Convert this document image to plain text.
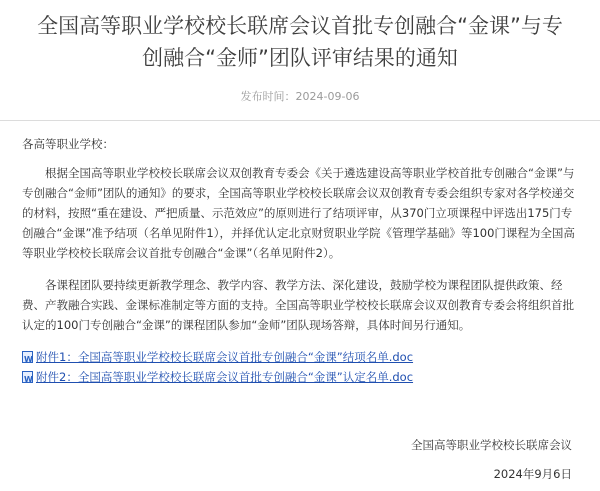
全国高等职业学校校长联席会议首批专创融合“金课”与专创融合“金师”团队评审结果的通知
发布时间：2024-09-06
各高等职业学校：
根据全国高等职业学校校长联席会议双创教育专委会《关于遴选建设高等职业学校首批专创融合“金课”与专创融合“金师”团队的通知》的要求，全国高等职业学校校长联席会议双创教育专委会组织专家对各学校递交的材料，按照“重在建设、严把质量、示范效应”的原则进行了结项评审，从370门立项课程中评选出175门专创融合“金课”准予结项（名单见附件1），并择优认定北京财贸职业学院《管理学基础》等100门课程为全国高等职业学校校长联席会议首批专创融合“金课”（名单见附件2）。
各课程团队要持续更新教学理念、教学内容、教学方法、深化建设，鼓励学校为课程团队提供政策、经费、产教融合实践、金课标准制定等方面的支持。全国高等职业学校校长联席会议双创教育专委会将组织首批认定的100门专创融合“金课”的课程团队参加“金师”团队现场答辩，具体时间另行通知。
W
附件1：全国高等职业学校校长联席会议首批专创融合“金课”结项名单.doc
W
附件2：全国高等职业学校校长联席会议首批专创融合“金课”认定名单.doc
全国高等职业学校校长联席会议
2024年9月6日
